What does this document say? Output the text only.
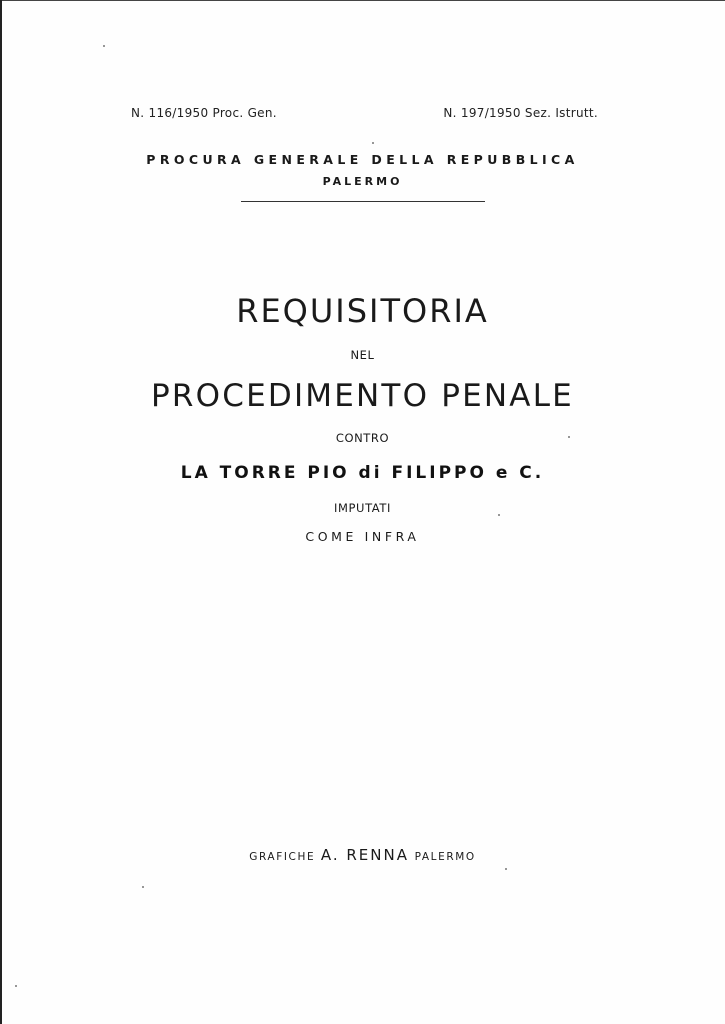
N. 116/1950 Proc. Gen.	N. 197/1950 Sez. Istrutt.
PROCURA GENERALE DELLA REPUBBLICA
PALERMO
REQUISITORIA
NEL
PROCEDIMENTO PENALE
CONTRO
LA TORRE PIO di FILIPPO e C.
IMPUTATI
COME INFRA
GRAFICHE A. RENNA PALERMO
